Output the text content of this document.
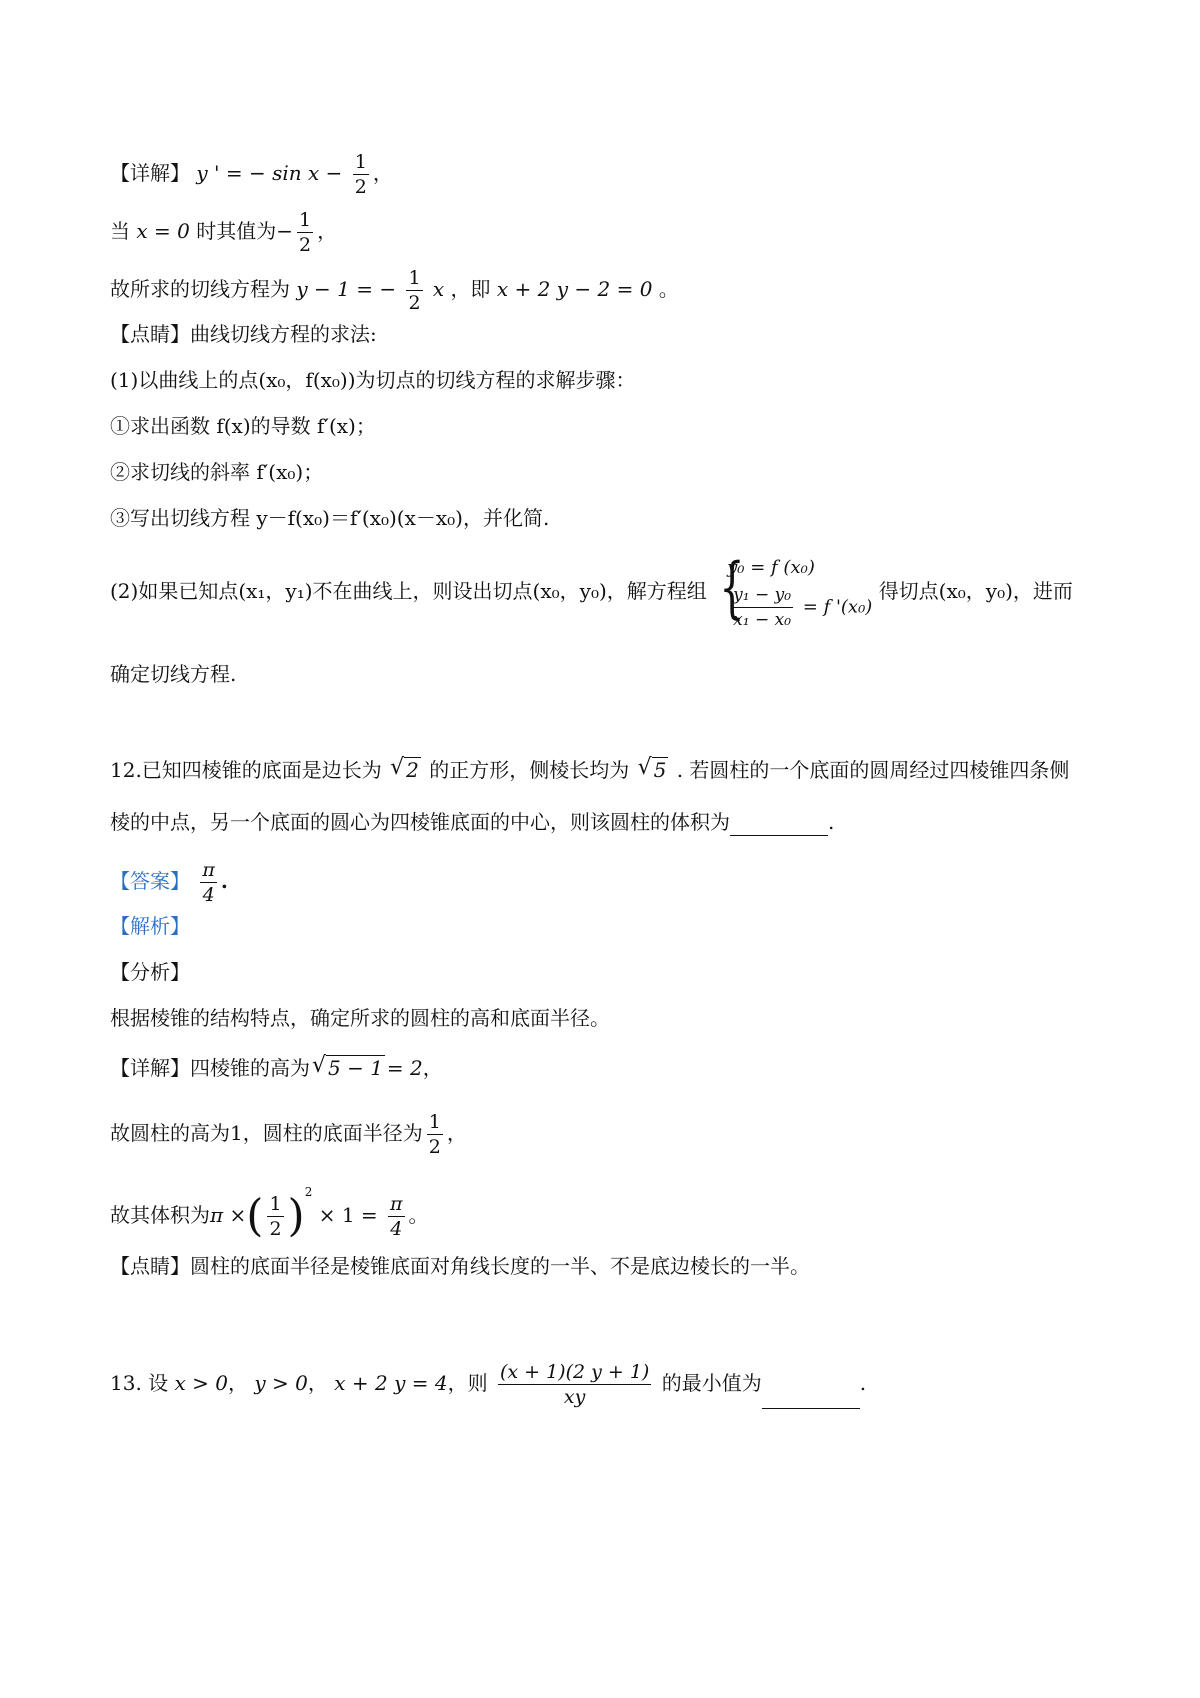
【详解】 y ' = − $\sin x - \frac{1}{2}$ ，
当 x = 0 时其值为− $\frac{1}{2}$ ，
故所求的切线方程为 y − 1 = − $\frac{1}{2}$ x ，即 x + 2 y − 2 = 0 。
【点睛】曲线切线方程的求法:
(1)以曲线上的点(x₀，f(x₀))为切点的切线方程的求解步骤：
①求出函数 f(x)的导数 f′(x)；
②求切线的斜率 f′(x₀)；
③写出切线方程 y－f(x₀)＝f′(x₀)(x－x₀)，并化简.
(2)如果已知点(x₁，y₁)不在曲线上，则设出切点(x₀，y₀)，解方程组 {
y₀ = f (x₀)
$\frac{\text{y₁ − y₀}}{\text{x₁ − x₀}} = f$ '(x₀)
得切点(x₀，y₀)，进而
确定切线方程.
12.已知四棱锥的底面是边长为 √ 2 的正方形，侧棱长均为 √ 5 . 若圆柱的一个底面的圆周经过四棱锥四条侧
棱的中点，另一个底面的圆心为四棱锥底面的中心，则该圆柱的体积为	.
【答案】 $\frac{\pi}{4}$ .
【解析】
【分析】
根据棱锥的结构特点，确定所求的圆柱的高和底面半径。
【详解】四棱锥的高为 √ 5 − 1 = 2，
故圆柱的高为1，圆柱的底面半径为 $\frac{1}{2}$ ，
故其体积为π ×( $\frac{1}{2} )^2 \times 1 = \frac{\pi}{4}$ 。
【点睛】圆柱的底面半径是棱锥底面对角线长度的一半、不是底边棱长的一半。
13. 设 x > 0， y > 0， x + 2 y = 4，则 $\frac{(x + 1)(2 y + 1)}{xy}$ 的最小值为	.
